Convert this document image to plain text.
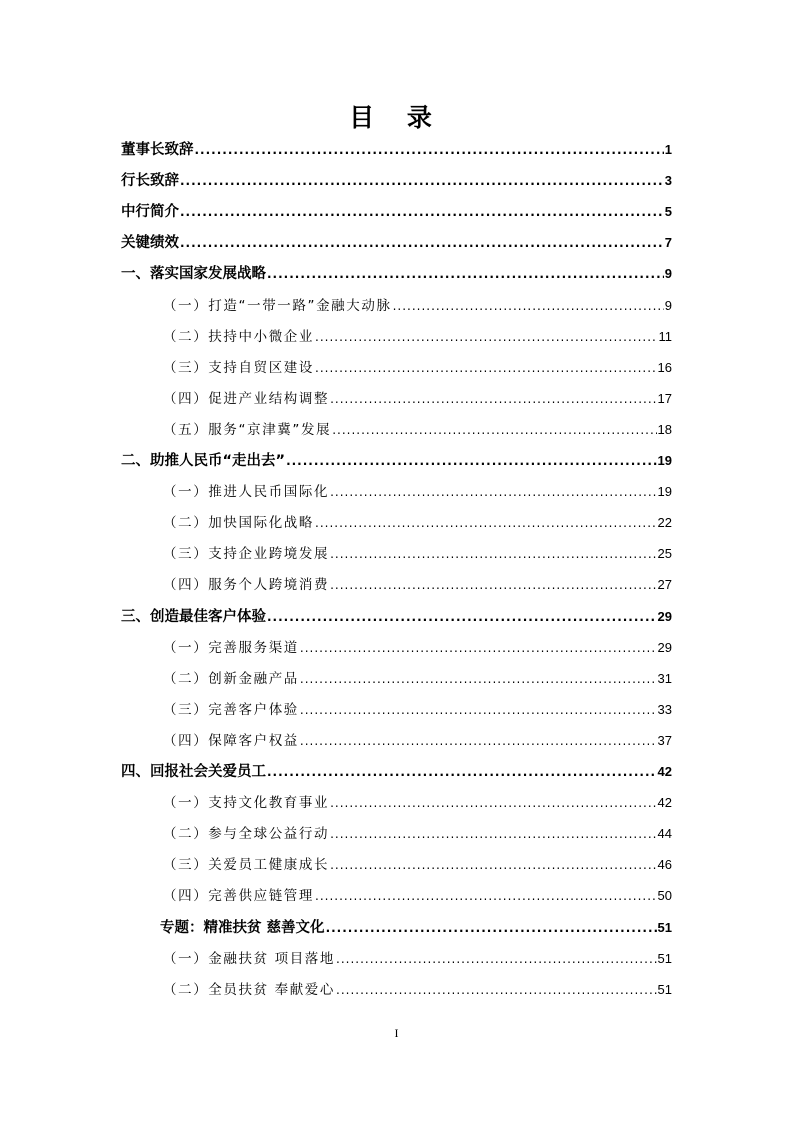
目 录
董事长致辞 .....	1
行长致辞 .....	3
中行简介 .....	5
关键绩效 .....	7
一、落实国家发展战略 .....	9
（一）打造“一带一路”金融大动脉 .....	9
（二）扶持中小微企业 .....	11
（三）支持自贸区建设 .....	16
（四）促进产业结构调整 .....	17
（五）服务“京津冀”发展 .....	18
二、助推人民币“走出去” .....	19
（一）推进人民币国际化 .....	19
（二）加快国际化战略 .....	22
（三）支持企业跨境发展 .....	25
（四）服务个人跨境消费 .....	27
三、创造最佳客户体验 .....	29
（一）完善服务渠道 .....	29
（二）创新金融产品 .....	31
（三）完善客户体验 .....	33
（四）保障客户权益 .....	37
四、回报社会关爱员工 .....	42
（一）支持文化教育事业 .....	42
（二）参与全球公益行动 .....	44
（三）关爱员工健康成长 .....	46
（四）完善供应链管理 .....	50
专题：精准扶贫 慈善文化 .....	51
（一）金融扶贫 项目落地 .....	51
（二）全员扶贫 奉献爱心 .....	51
I
